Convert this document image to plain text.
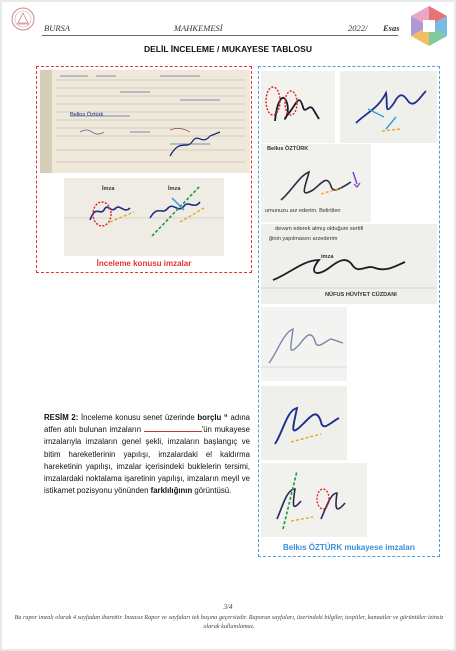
BURSA	MAHKEMESİ	2022/ Esas
DELİL İNCELEME / MUKAYESE TABLOSU
Belkıs Öztürk
İmza	İmza
İnceleme konusu imzalar
Belkıs ÖZTÜRK
umunuzu arz ederim. Belirtilen
devam ederek almış olduğum sertifi
ğinin yapılmasını arzederim
imza
NÜFUS HÜVİYET CÜZDANI
Belkıs ÖZTÜRK mukayese imzaları
RESİM 2: İnceleme konusu senet üzerinde borçlu “ adına atfen atılı bulunan imzaların	'ün mukayese imzalarıyla imzaların genel şekli, imzaların başlangıç ve bitim hareketlerinin yapılışı, imzalardaki el kaldırma hareketinin yapılışı, imzalar içerisindeki buklelerin tersimi, imzalardaki noktalama işaretinin yapılışı, imzaların meyil ve istikamet pozisyonu yönünden farklılığının görüntüsü.
3/4
Bu rapor imzalı olarak 4 sayfadan ibarettir. İmzasız Rapor ve sayfaları tek başına geçersizdir. Raporun sayfaları, üzerindeki bilgiler, tespitler, kanaatler ve görüntüler izinsiz olarak kullanılamaz.
